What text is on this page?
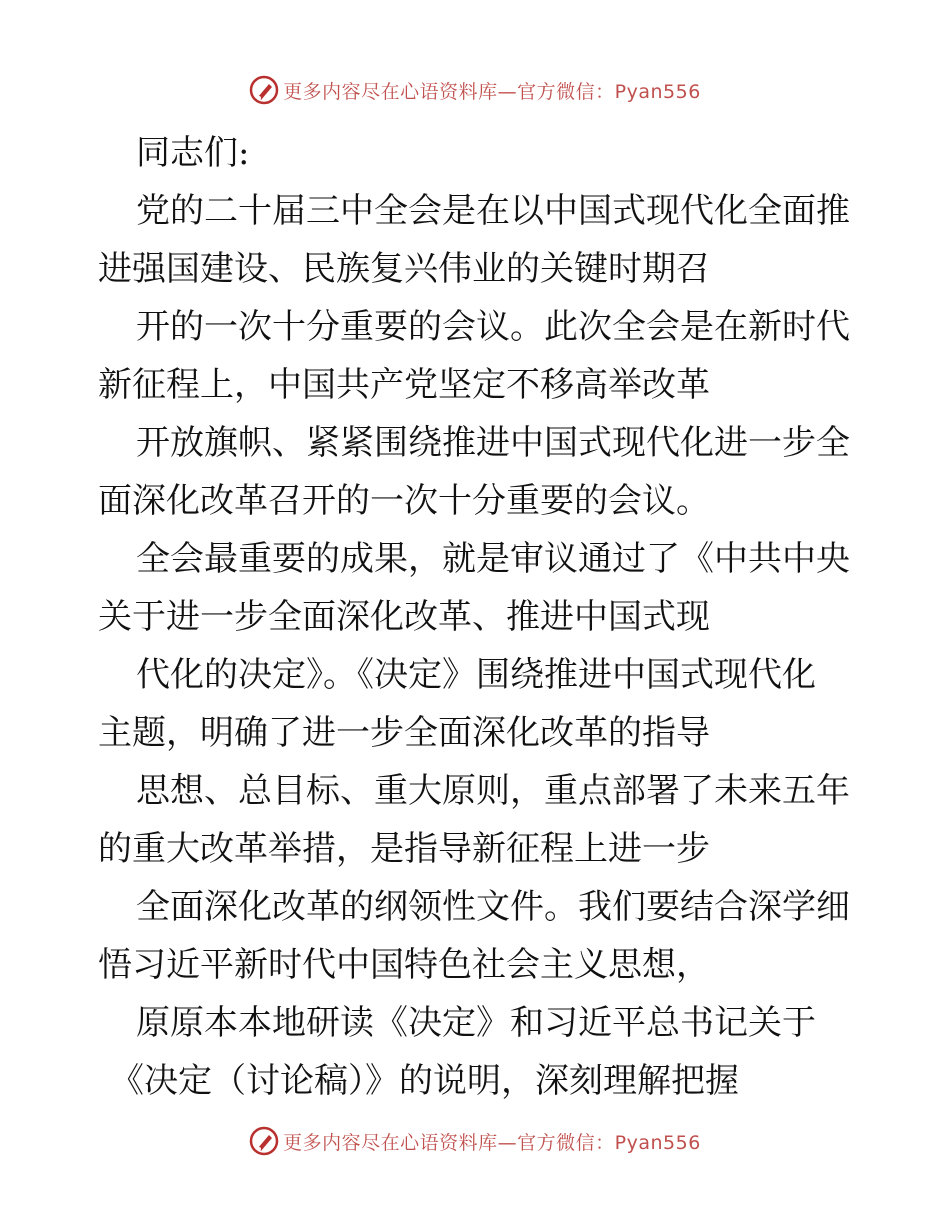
更多内容尽在心语资料库—官方微信：Pyan556
同志们:
党的二十届三中全会是在以中国式现代化全面推
进强国建设、民族复兴伟业的关键时期召
开的一次十分重要的会议。此次全会是在新时代
新征程上，中国共产党坚定不移高举改革
开放旗帜、紧紧围绕推进中国式现代化进一步全
面深化改革召开的一次十分重要的会议。
全会最重要的成果，就是审议通过了《中共中央
关于进一步全面深化改革、推进中国式现
代化的决定》。《决定》围绕推进中国式现代化
主题，明确了进一步全面深化改革的指导
思想、总目标、重大原则，重点部署了未来五年
的重大改革举措，是指导新征程上进一步
全面深化改革的纲领性文件。我们要结合深学细
悟习近平新时代中国特色社会主义思想，
原原本本地研读《决定》和习近平总书记关于
《决定（讨论稿）》的说明，深刻理解把握
更多内容尽在心语资料库—官方微信：Pyan556
